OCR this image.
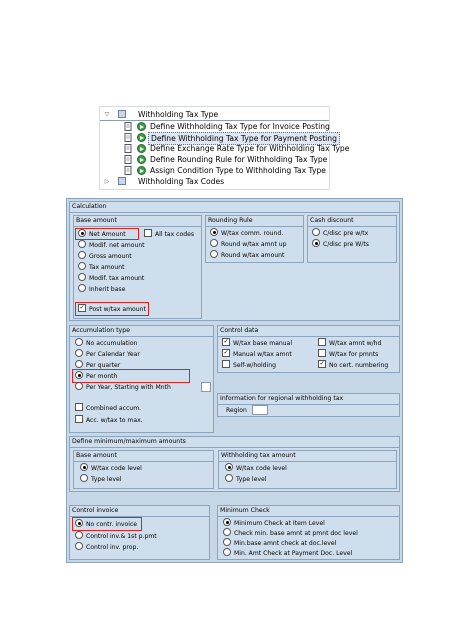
▽	Withholding Tax Type
Define Withholding Tax Type for Invoice Posting
Define Withholding Tax Type for Payment Posting
Define Exchange Rate Type for Withholding Tax Type
Define Rounding Rule for Withholding Tax Type
Assign Condition Type to Withholding Tax Type
▷	Withholding Tax Codes
Calculation
Base amount
Net Amount	All tax codes
Modif. net amount
Gross amount
Tax amount
Modif. tax amount
Inherit base
✓ Post w/tax amount
Rounding Rule
W/tax comm. round.
Round w/tax amnt up
Round w/tax amount
Cash discount
C/disc pre w/tx
C/disc pre W/ts
Accumulation type
No accumulation
Per Calendar Year
Per quarter
Per month
Per Year, Starting with Mnth
Combined accum.
Acc. w/tax to max.
Control data
✓ W/tax base manual	W/tax amnt w/hd
✓ Manual w/tax amnt	W/tax for pmnts
Self-w/holding	✓ No cert. numbering
Information for regional withholding tax
Region
Define minimum/maximum amounts
Base amount
W/tax code level
Type level
Withholding tax amount
W/tax code level
Type level
Control invoice
No contr. invoice
Control inv.& 1st p.pmt
Control inv. prop.
Minimum Check
Minimum Check at Item Level
Check min. base amnt at pmnt doc level
Min.base amnt check at doc.level
Min. Amt Check at Payment Doc. Level
